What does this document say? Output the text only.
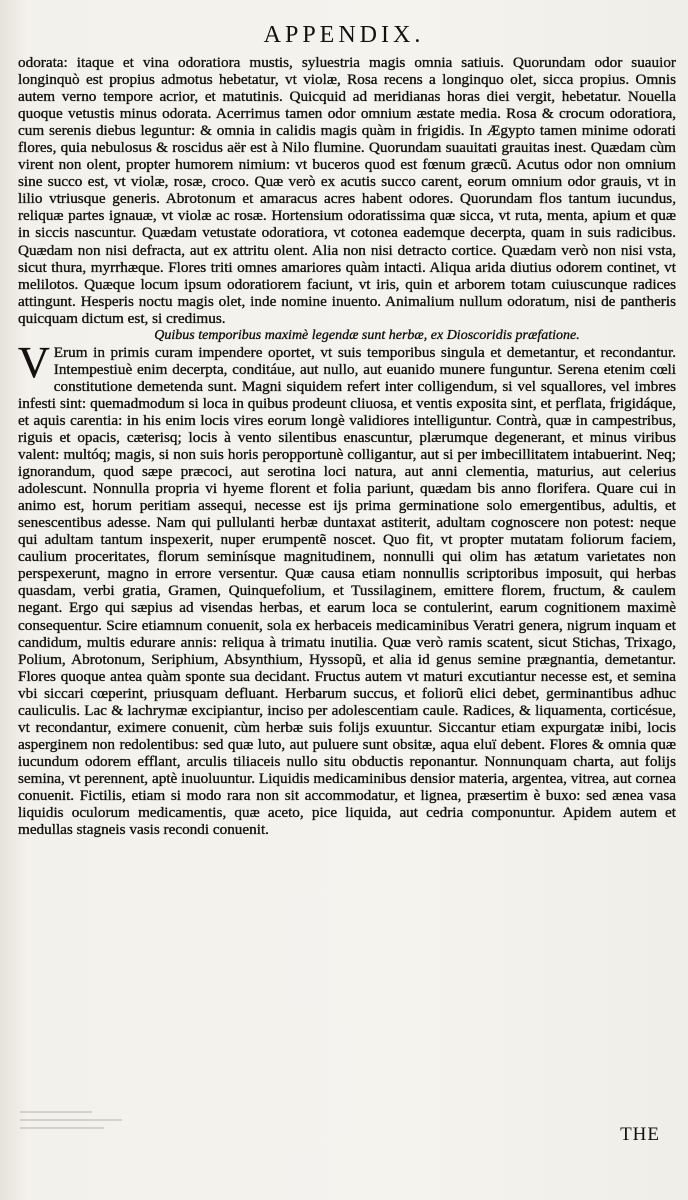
APPENDIX.

odorata: itaque et vina odoratiora mustis, syluestria magis omnia satiuis. Quorundam odor suauior longinquò est propius admotus hebetatur, vt violæ, Rosa recens a longinquo olet, sicca propius. Omnis autem verno tempore acrior, et matutinis. Quicquid ad meridianas horas diei vergit, hebetatur. Nouella quoque vetustis minus odorata. Acerrimus tamen odor omnium æstate media. Rosa & crocum odoratiora, cum serenis diebus leguntur: & omnia in calidis magis quàm in frigidis. In Ægypto tamen minime odorati flores, quia nebulosus & roscidus aër est à Nilo flumine. Quorundam suauitati grauitas inest. Quædam cùm virent non olent, propter humorem nimium: vt buceros quod est fœnum græcũ. Acutus odor non omnium sine succo est, vt violæ, rosæ, croco. Quæ verò ex acutis succo carent, eorum omnium odor grauis, vt in lilio vtriusque generis. Abrotonum et amaracus acres habent odores. Quorundam flos tantum iucundus, reliquæ partes ignauæ, vt violæ ac rosæ. Hortensium odoratissima quæ sicca, vt ruta, menta, apium et quæ in siccis nascuntur. Quædam vetustate odoratiora, vt cotonea eademque decerpta, quam in suis radicibus. Quædam non nisi defracta, aut ex attritu olent. Alia non nisi detracto cortice. Quædam verò non nisi vsta, sicut thura, myrrhæque. Flores triti omnes amariores quàm intacti. Aliqua arida diutius odorem continet, vt melilotos. Quæque locum ipsum odoratiorem faciunt, vt iris, quin et arborem totam cuiuscunque radices attingunt. Hesperis noctu magis olet, inde nomine inuento. Animalium nullum odoratum, nisi de pantheris quicquam dictum est, si credimus.

Quibus temporibus maximè legendæ sunt herbæ, ex Dioscoridis præfatione.

V Erum in primis curam impendere oportet, vt suis temporibus singula et demetantur, et recondantur. Intempestiuè enim decerpta, conditáue, aut nullo, aut euanido munere funguntur. Serena etenim cœli constitutione demetenda sunt. Magni siquidem refert inter colligendum, si vel squallores, vel imbres infesti sint: quemadmodum si loca in quibus prodeunt cliuosa, et ventis exposita sint, et perflata, frigidáque, et aquis carentia: in his enim locis vires eorum longè validiores intelliguntur. Contrà, quæ in campestribus, riguis et opacis, cæterisq; locis à vento silentibus enascuntur, plærumque degenerant, et minus viribus valent: multóq; magis, si non suis horis peropportunè colligantur, aut si per imbecillitatem intabuerint. Neq; ignorandum, quod sæpe præcoci, aut serotina loci natura, aut anni clementia, maturius, aut celerius adolescunt. Nonnulla propria vi hyeme florent et folia pariunt, quædam bis anno florifera. Quare cui in animo est, horum peritiam assequi, necesse est ijs prima germinatione solo emergentibus, adultis, et senescentibus adesse. Nam qui pullulanti herbæ duntaxat astiterit, adultam cognoscere non potest: neque qui adultam tantum inspexerit, nuper erumpentẽ noscet. Quo fit, vt propter mutatam foliorum faciem, caulium proceritates, florum seminísque magnitudinem, nonnulli qui olim has ætatum varietates non perspexerunt, magno in errore versentur. Quæ causa etiam nonnullis scriptoribus imposuit, qui herbas quasdam, verbi gratia, Gramen, Quinquefolium, et Tussilaginem, emittere florem, fructum, & caulem negant. Ergo qui sæpius ad visendas herbas, et earum loca se contulerint, earum cognitionem maximè consequentur. Scire etiamnum conuenit, sola ex herbaceis medicaminibus Veratri genera, nigrum inquam et candidum, multis edurare annis: reliqua à trimatu inutilia. Quæ verò ramis scatent, sicut Stichas, Trixago, Polium, Abrotonum, Seriphium, Absynthium, Hyssopũ, et alia id genus semine prægnantia, demetantur. Flores quoque antea quàm sponte sua decidant. Fructus autem vt maturi excutiantur necesse est, et semina vbi siccari cœperint, priusquam defluant. Herbarum succus, et foliorũ elici debet, germinantibus adhuc cauliculis. Lac & lachrymæ excipiantur, inciso per adolescentiam caule. Radices, & liquamenta, corticésue, vt recondantur, eximere conuenit, cùm herbæ suis folijs exuuntur. Siccantur etiam expurgatæ inibi, locis asperginem non redolentibus: sed quæ luto, aut puluere sunt obsitæ, aqua eluï debent. Flores & omnia quæ iucundum odorem efflant, arculis tiliaceis nullo situ obductis reponantur. Nonnunquam charta, aut folijs semina, vt perennent, aptè inuoluuntur. Liquidis medicaminibus densior materia, argentea, vitrea, aut cornea conuenit. Fictilis, etiam si modo rara non sit accommodatur, et lignea, præsertim è buxo: sed ænea vasa liquidis oculorum medicamentis, quæ aceto, pice liquida, aut cedria componuntur. Apidem autem et medullas stagneis vasis recondi conuenit.

THE
